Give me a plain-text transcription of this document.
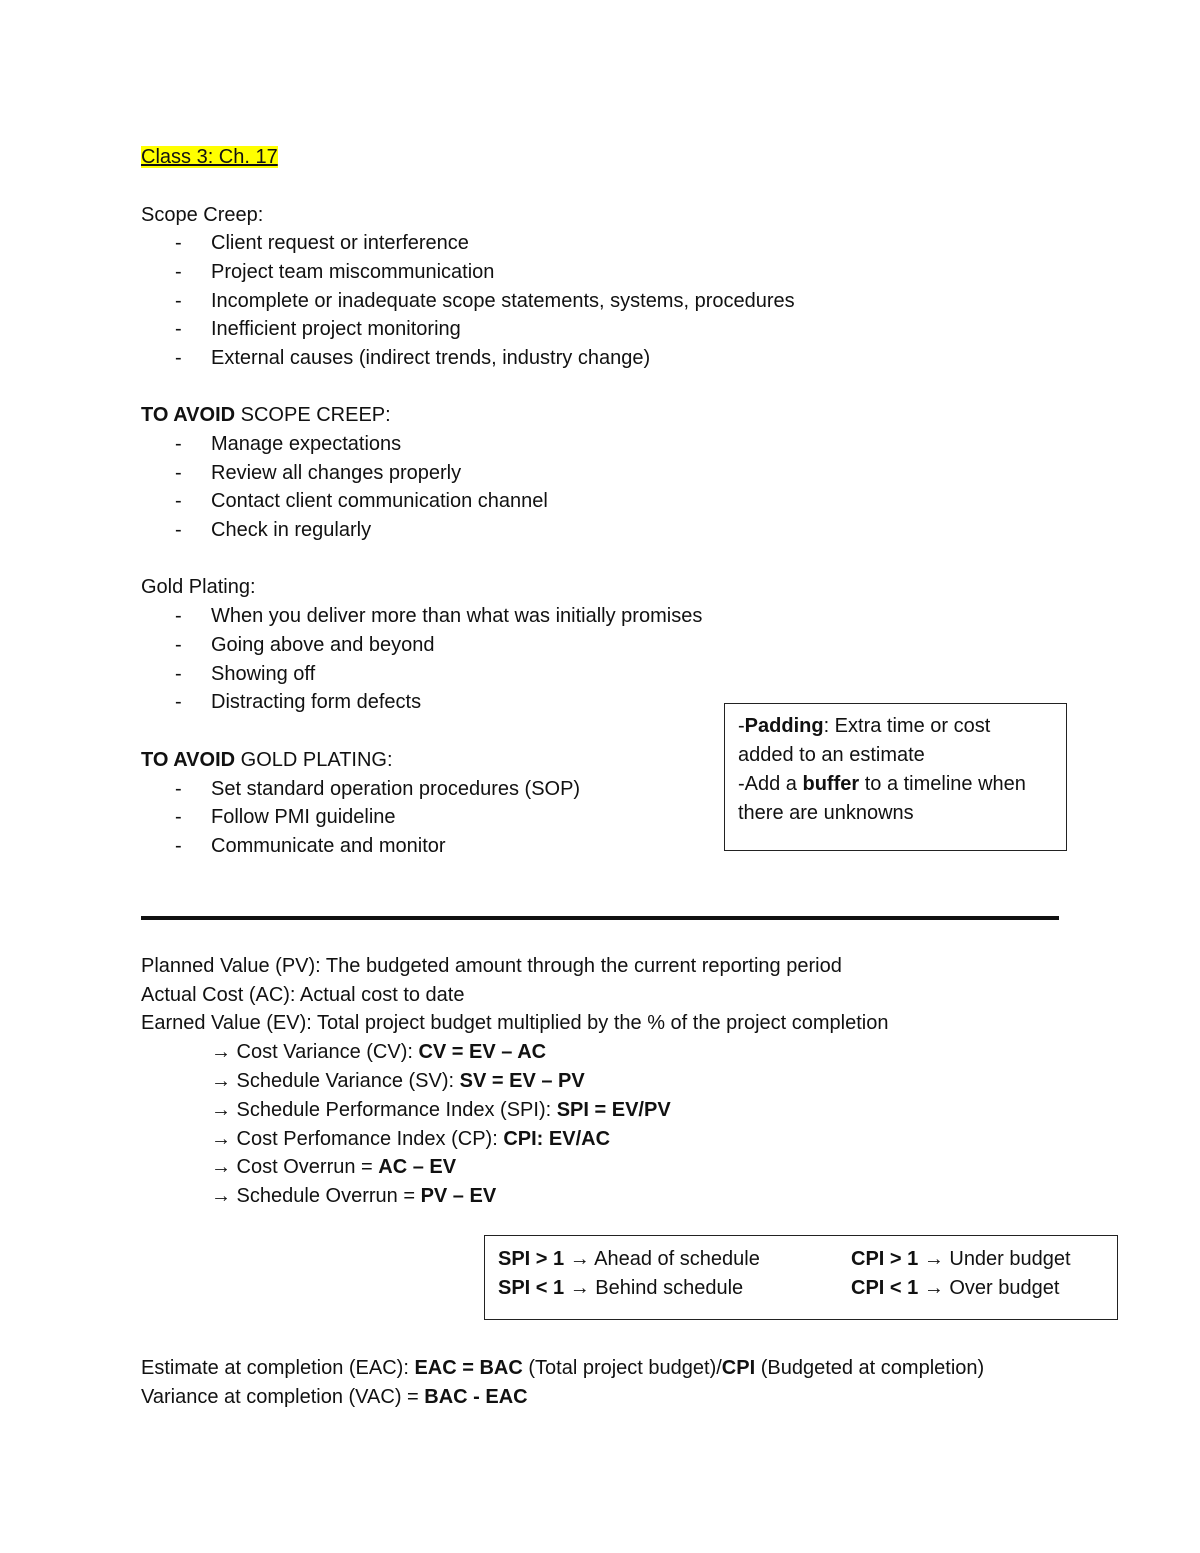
Class 3: Ch. 17
Scope Creep:
- Client request or interference
- Project team miscommunication
- Incomplete or inadequate scope statements, systems, procedures
- Inefficient project monitoring
- External causes (indirect trends, industry change)
TO AVOID SCOPE CREEP:
- Manage expectations
- Review all changes properly
- Contact client communication channel
- Check in regularly
Gold Plating:
- When you deliver more than what was initially promises
- Going above and beyond
- Showing off
- Distracting form defects
TO AVOID GOLD PLATING:
- Set standard operation procedures (SOP)
- Follow PMI guideline
- Communicate and monitor
-Padding: Extra time or cost
added to an estimate
-Add a buffer to a timeline when
there are unknowns
Planned Value (PV): The budgeted amount through the current reporting period
Actual Cost (AC): Actual cost to date
Earned Value (EV): Total project budget multiplied by the % of the project completion
→ Cost Variance (CV): CV = EV – AC
→ Schedule Variance (SV): SV = EV – PV
→ Schedule Performance Index (SPI): SPI = EV/PV
→ Cost Perfomance Index (CP): CPI: EV/AC
→ Cost Overrun = AC – EV
→ Schedule Overrun = PV – EV
SPI > 1 → Ahead of schedule
SPI < 1 → Behind schedule
CPI > 1 → Under budget
CPI < 1 → Over budget
Estimate at completion (EAC): EAC = BAC (Total project budget)/CPI (Budgeted at completion)
Variance at completion (VAC) = BAC - EAC
